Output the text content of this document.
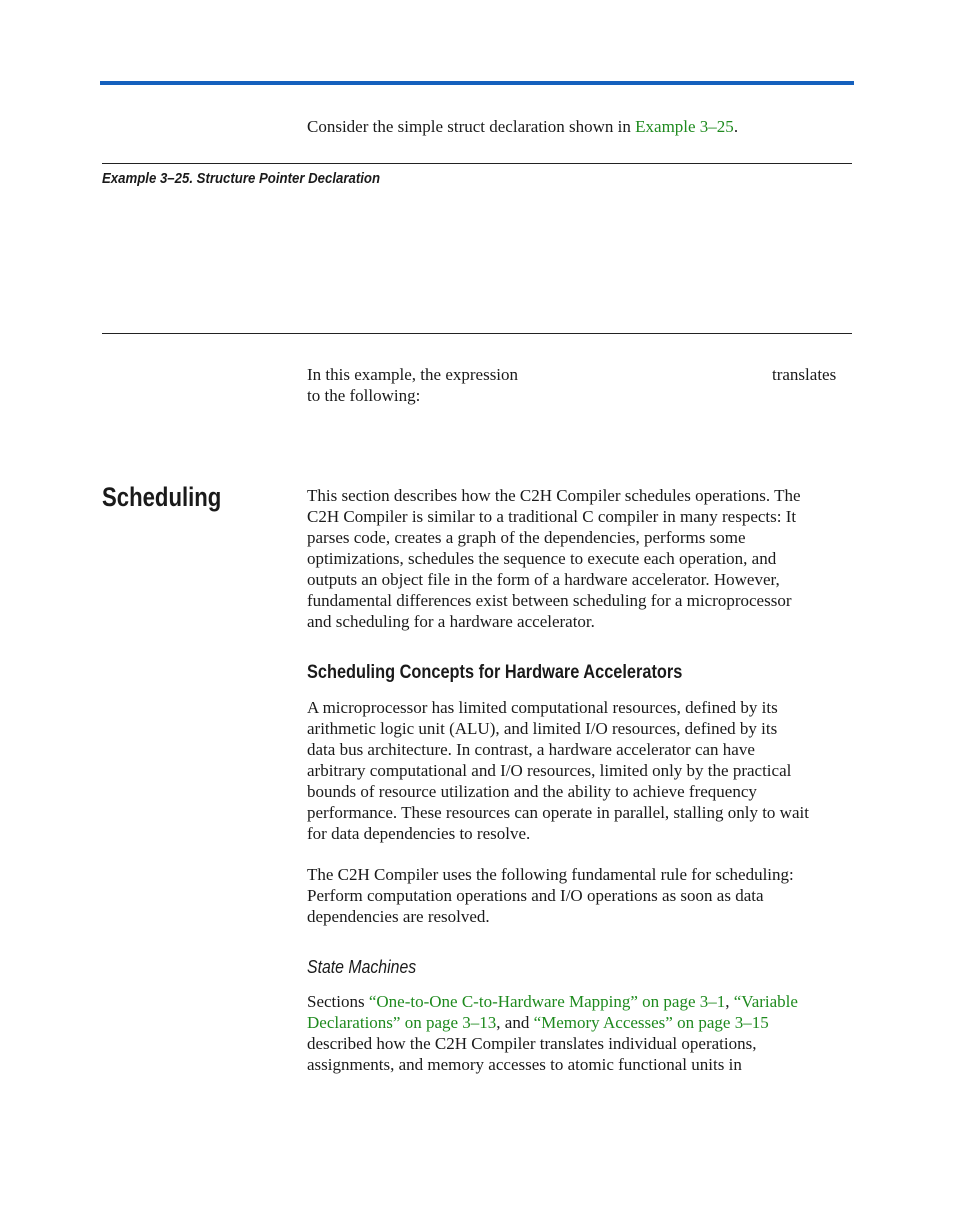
Consider the simple struct declaration shown in Example 3–25.
Example 3–25. Structure Pointer Declaration
In this example, the expression	translates
to the following:
Scheduling	This section describes how the C2H Compiler schedules operations. The
C2H Compiler is similar to a traditional C compiler in many respects: It
parses code, creates a graph of the dependencies, performs some
optimizations, schedules the sequence to execute each operation, and
outputs an object file in the form of a hardware accelerator. However,
fundamental differences exist between scheduling for a microprocessor
and scheduling for a hardware accelerator.
Scheduling Concepts for Hardware Accelerators
A microprocessor has limited computational resources, defined by its
arithmetic logic unit (ALU), and limited I/O resources, defined by its
data bus architecture. In contrast, a hardware accelerator can have
arbitrary computational and I/O resources, limited only by the practical
bounds of resource utilization and the ability to achieve frequency
performance. These resources can operate in parallel, stalling only to wait
for data dependencies to resolve.
The C2H Compiler uses the following fundamental rule for scheduling:
Perform computation operations and I/O operations as soon as data
dependencies are resolved.
State Machines
Sections “One-to-One C-to-Hardware Mapping” on page 3–1, “Variable
Declarations” on page 3–13, and “Memory Accesses” on page 3–15
described how the C2H Compiler translates individual operations,
assignments, and memory accesses to atomic functional units in
